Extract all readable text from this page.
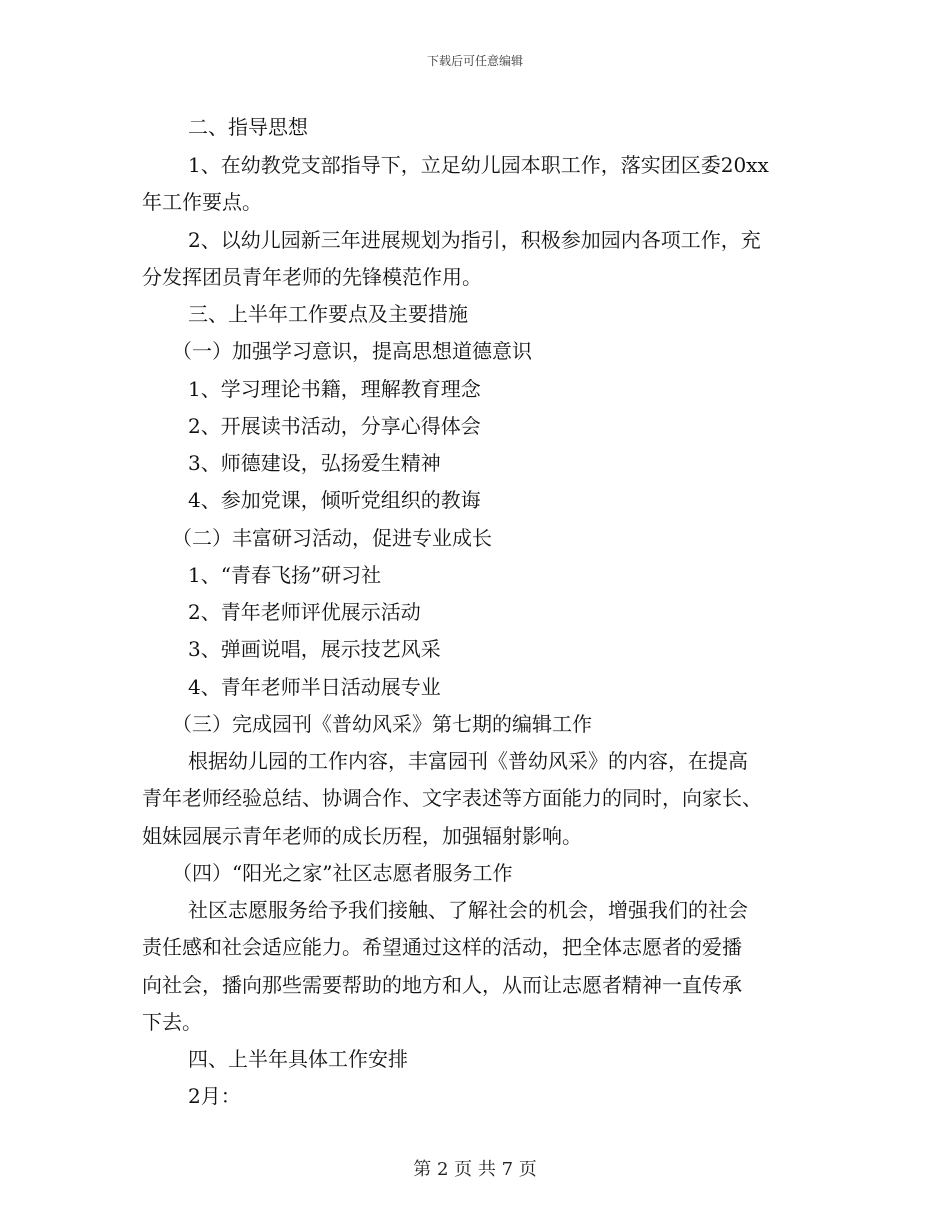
下载后可任意编辑
二、指导思想
1、在幼教党支部指导下，立足幼儿园本职工作，落实团区委20xx
年工作要点。
2、以幼儿园新三年进展规划为指引，积极参加园内各项工作，充
分发挥团员青年老师的先锋模范作用。
三、上半年工作要点及主要措施
（一）加强学习意识，提高思想道德意识
1、学习理论书籍，理解教育理念
2、开展读书活动，分享心得体会
3、师德建设，弘扬爱生精神
4、参加党课，倾听党组织的教诲
（二）丰富研习活动，促进专业成长
1、“青春飞扬”研习社
2、青年老师评优展示活动
3、弹画说唱，展示技艺风采
4、青年老师半日活动展专业
（三）完成园刊《普幼风采》第七期的编辑工作
根据幼儿园的工作内容，丰富园刊《普幼风采》的内容，在提高
青年老师经验总结、协调合作、文字表述等方面能力的同时，向家长、
姐妹园展示青年老师的成长历程，加强辐射影响。
（四）“阳光之家”社区志愿者服务工作
社区志愿服务给予我们接触、了解社会的机会，增强我们的社会
责任感和社会适应能力。希望通过这样的活动，把全体志愿者的爱播
向社会，播向那些需要帮助的地方和人，从而让志愿者精神一直传承
下去。
四、上半年具体工作安排
2月：
第 2 页 共 7 页
